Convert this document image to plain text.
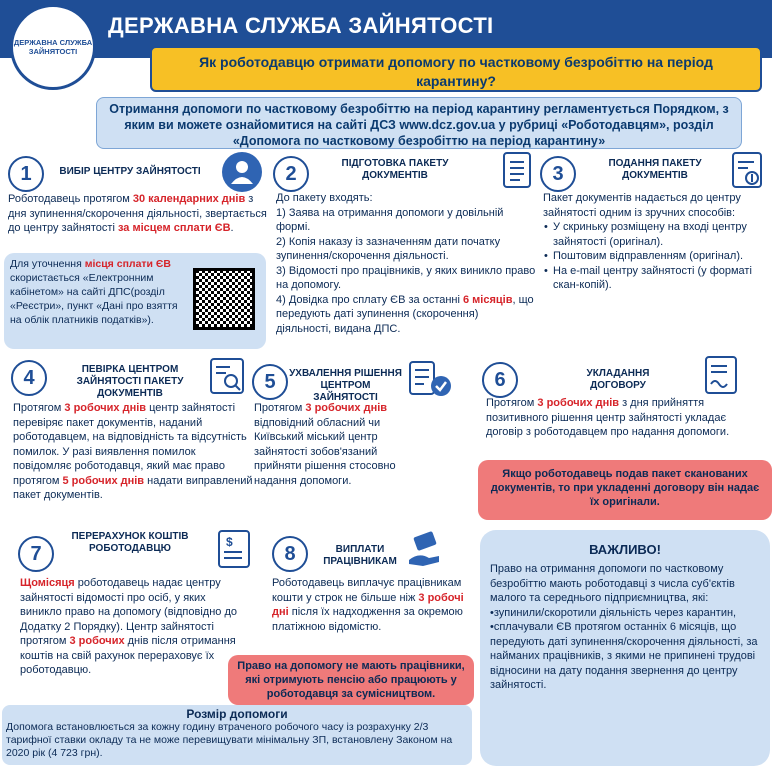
ДЕРЖАВНА СЛУЖБА ЗАЙНЯТОСТІ
ДЕРЖАВНА СЛУЖБА ЗАЙНЯТОСТІ
Як роботодавцю отримати допомогу по частковому безробіттю на період карантину?
Отримання допомоги по частковому безробіттю на період карантину регламентується Порядком, з яким ви можете ознайомитися на сайті ДСЗ www.dcz.gov.ua у рубриці «Роботодавцям», розділ «Допомога по частковому безробіттю на період карантину»
1	ВИБІР ЦЕНТРУ ЗАЙНЯТОСТІ
Роботодавець протягом 30 календарних днів з дня зупинення/скорочення діяльності, звертається до центру зайнятості за місцем сплати ЄВ.
Для уточнення місця сплати ЄВ скористається «Електронним кабінетом» на сайті ДПС(розділ «Реєстри», пункт «Дані про взяття на облік платників податків»).
2	ПІДГОТОВКА ПАКЕТУ ДОКУМЕНТІВ
До пакету входять:
1) Заява на отримання допомоги у довільній формі.
2) Копія наказу із зазначенням дати початку зупинення/скорочення діяльності.
3) Відомості про працівників, у яких виникло право на допомогу.
4) Довідка про сплату ЄВ за останні 6 місяців, що передують даті зупинення (скорочення) діяльності, видана ДПС.
3	ПОДАННЯ ПАКЕТУ ДОКУМЕНТІВ
Пакет документів надається до центру зайнятості одним із зручних способів:
• У скриньку розміщену на вході центру зайнятості (оригінал).
• Поштовим відправленням (оригінал).
• На e-mail центру зайнятості (у форматі скан-копій).
4	ПЕВІРКА ЦЕНТРОМ ЗАЙНЯТОСТІ ПАКЕТУ ДОКУМЕНТІВ
Протягом 3 робочих днів центр зайнятості перевіряє пакет документів, наданий роботодавцем, на відповідність та відсутність помилок. У разі виявлення помилок повідомляє роботодавця, який має право протягом 5 робочих днів надати виправлений пакет документів.
5	УХВАЛЕННЯ РІШЕННЯ ЦЕНТРОМ ЗАЙНЯТОСТІ
Протягом 3 робочих днів відповідний обласний чи Київський міський центр зайнятості зобов'язаний прийняти рішення стосовно надання допомоги.
6	УКЛАДАННЯ ДОГОВОРУ
Протягом 3 робочих днів з дня прийняття позитивного рішення центр зайнятості укладає договір з роботодавцем про надання допомоги.
Якщо роботодавець подав пакет сканованих документів, то при укладенні договору він надає їх оригінали.
7
ПЕРЕРАХУНОК КОШТІВ РОБОТОДАВЦЮ	$
Щомісяця роботодавець надає центру зайнятості відомості про осіб, у яких виникло право на допомогу (відповідно до Додатку 2 Порядку). Центр зайнятості протягом 3 робочих днів після отримання коштів на свій рахунок перераховує їх роботодавцю.
8	ВИПЛАТИ ПРАЦІВНИКАМ
Роботодавець виплачує працівникам кошти у строк не більше ніж 3 робочі дні після їх надходження за окремою платіжною відомістю.
Право на допомогу не мають працівники, які отримують пенсію або працюють у роботодавця за сумісництвом.
ВАЖЛИВО!
Право на отримання допомоги по частковому безробіттю мають роботодавці з числа суб'єктів малого та середнього підприємництва, які:
•зупинили/скоротили діяльність через карантин,
•сплачували ЄВ протягом останніх 6 місяців, що передують даті зупинення/скорочення діяльності, за найманих працівників, з якими не припинені трудові відносини на дату подання звернення до центру зайнятості.
Розмір допомоги
Допомога встановлюється за кожну годину втраченого робочого часу із розрахунку 2/3 тарифної ставки окладу та не може перевищувати мінімальну ЗП, встановлену Законом на 2020 рік (4 723 грн).
